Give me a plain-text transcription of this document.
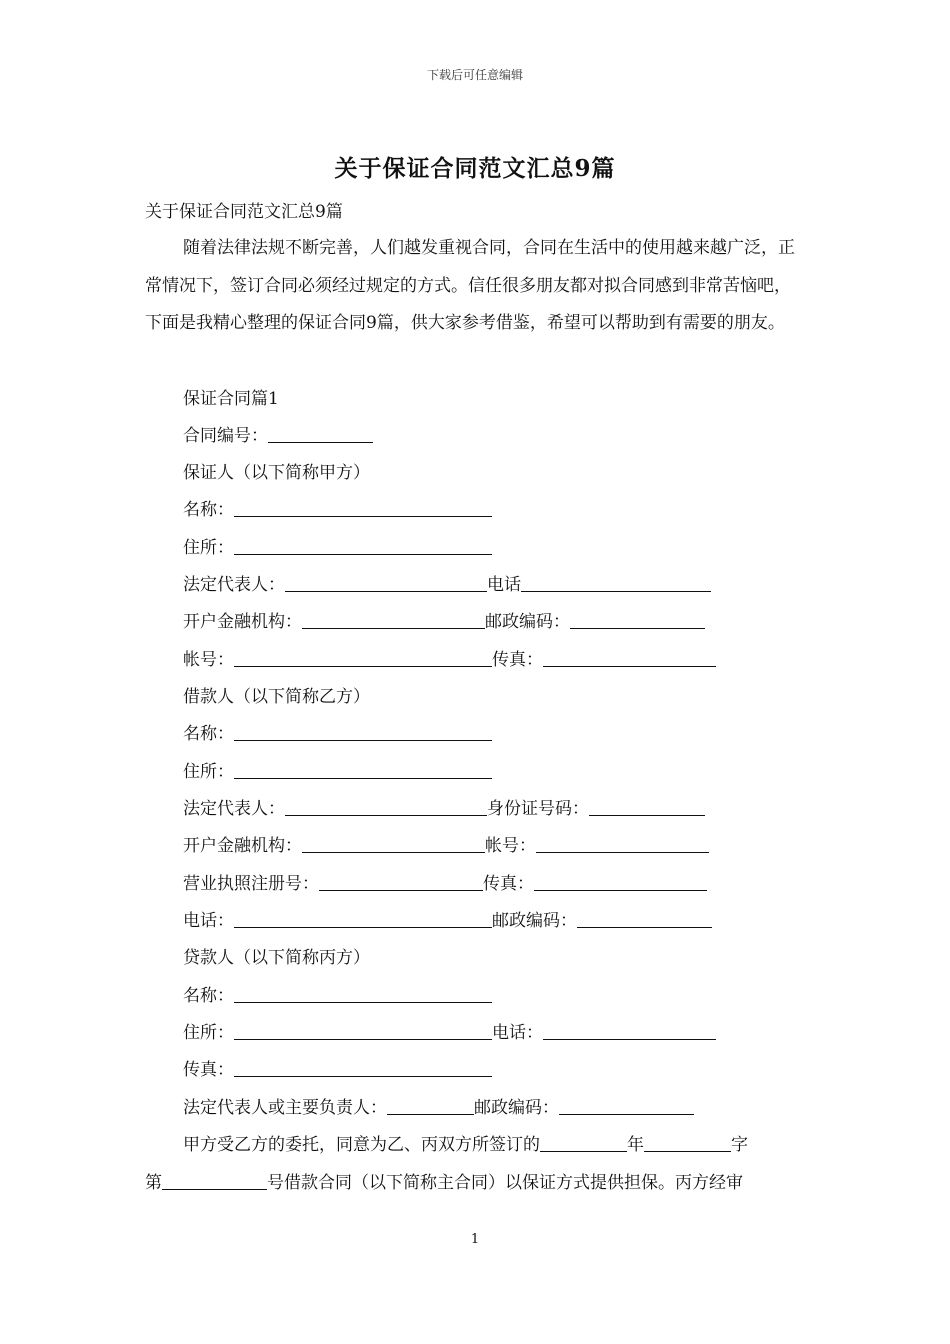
下载后可任意编辑
关于保证合同范文汇总9篇
关于保证合同范文汇总9篇
随着法律法规不断完善，人们越发重视合同，合同在生活中的使用越来越广泛，正常情况下，签订合同必须经过规定的方式。信任很多朋友都对拟合同感到非常苦恼吧，下面是我精心整理的保证合同9篇，供大家参考借鉴，希望可以帮助到有需要的朋友。
保证合同篇1
合同编号：
保证人（以下简称甲方）
名称：
住所：
法定代表人：	电话
开户金融机构：	邮政编码：
帐号：	传真：
借款人（以下简称乙方）
名称：
住所：
法定代表人：	身份证号码：
开户金融机构：	帐号：
营业执照注册号：	传真：
电话：	邮政编码：
贷款人（以下简称丙方）
名称：
住所：	电话：
传真：
法定代表人或主要负责人：	邮政编码：
甲方受乙方的委托，同意为乙、丙双方所签订的	年	字
第	号借款合同（以下简称主合同）以保证方式提供担保。丙方经审
1
